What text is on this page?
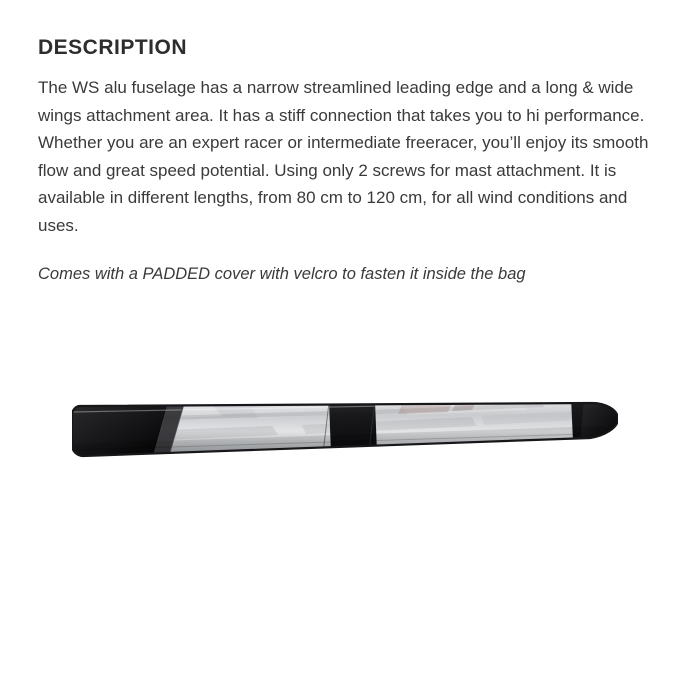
DESCRIPTION

The WS alu fuselage has a narrow streamlined leading edge and a long & wide wings attachment area. It has a stiff connection that takes you to hi performance. Whether you are an expert racer or intermediate freeracer, you’ll enjoy its smooth flow and great speed potential. Using only 2 screws for mast attachment. It is available in different lengths, from 80 cm to 120 cm, for all wind conditions and uses.

Comes with a PADDED cover with velcro to fasten it inside the bag
